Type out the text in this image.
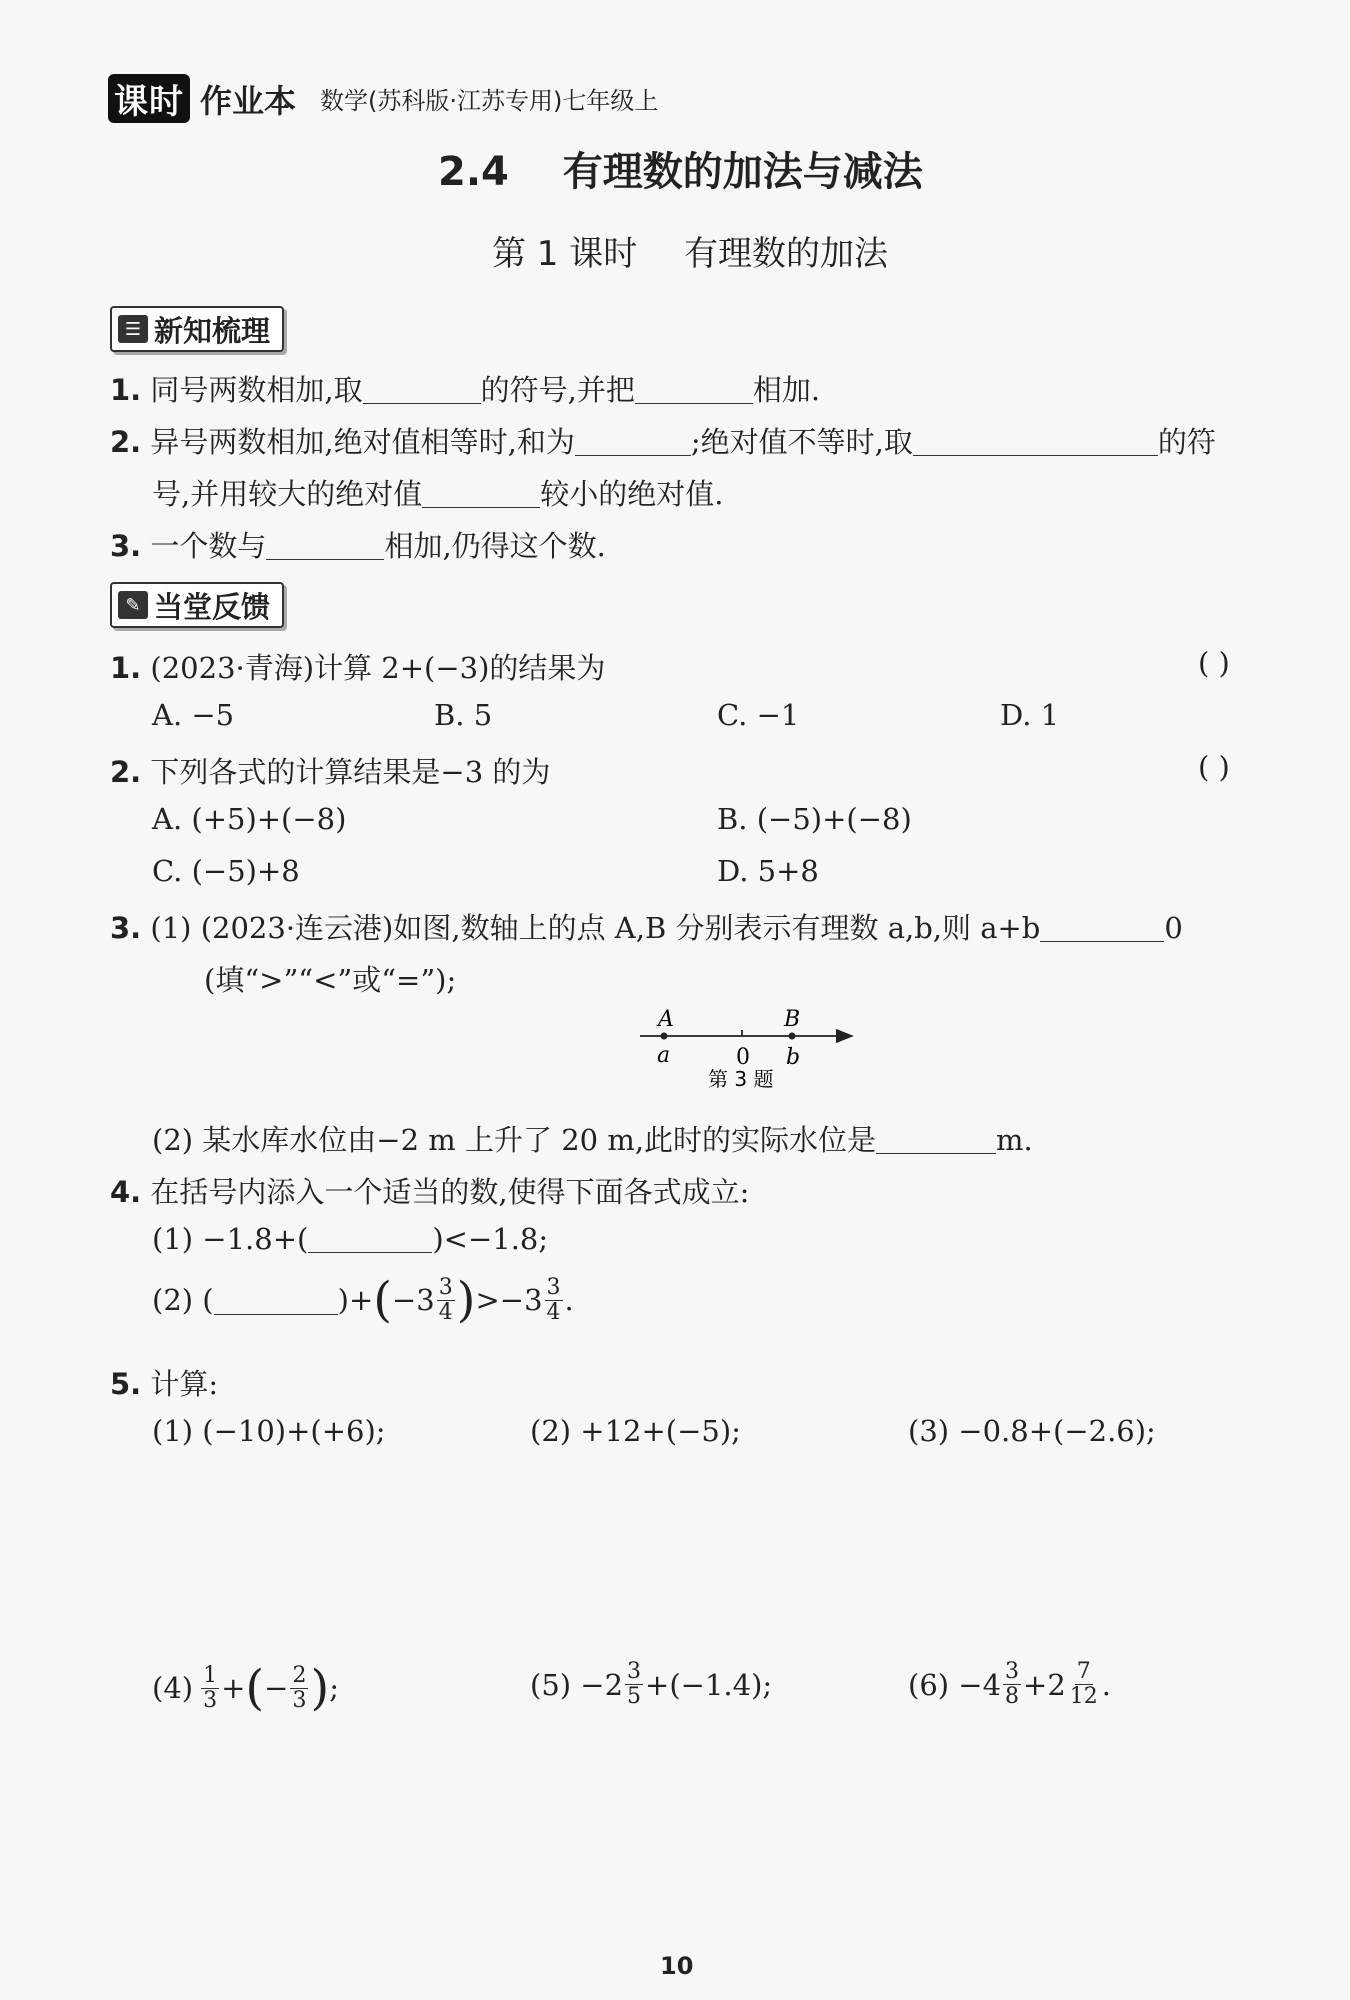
课时 作业本 数学(苏科版·江苏专用)七年级上
2.4 有理数的加法与减法
第 1 课时 有理数的加法
☰ 新知梳理
1. 同号两数相加,取	的符号,并把	相加.
2. 异号两数相加,绝对值相等时,和为	;绝对值不等时,取	的符
号,并用较大的绝对值	较小的绝对值.
3. 一个数与	相加,仍得这个数.
✎ 当堂反馈
1. (2023·青海)计算 2+(−3)的结果为	( )
A. −5	B. 5	C. −1	D. 1
2. 下列各式的计算结果是−3 的为	( )
A. (+5)+(−8)	B. (−5)+(−8)
C. (−5)+8	D. 5+8
3. (1) (2023·连云港)如图,数轴上的点 A,B 分别表示有理数 a,b,则 a+b	0
(填“>”“<”或“=”);
A	B
a	0 b
第 3 题
(2) 某水库水位由−2 m 上升了 20 m,此时的实际水位是	m.
4. 在括号内添入一个适当的数,使得下面各式成立:
(1) −1.8+(	)<−1.8;
(2) (	)+ ( $-3 \frac{3}{4}$ ) $>-3 \frac{3}{4}$ .
5. 计算:
(1) (−10)+(+6);	(2) +12+(−5);	(3) −0.8+(−2.6);
$(4) \frac{1}{3}$ + ( − $\frac{2}{3}$ ) ;	$(5) -2 \frac{3}{5} +(-1.4)$;	$(6) -4 \frac{3}{8} +2 \frac{7}{12}$ .
10
